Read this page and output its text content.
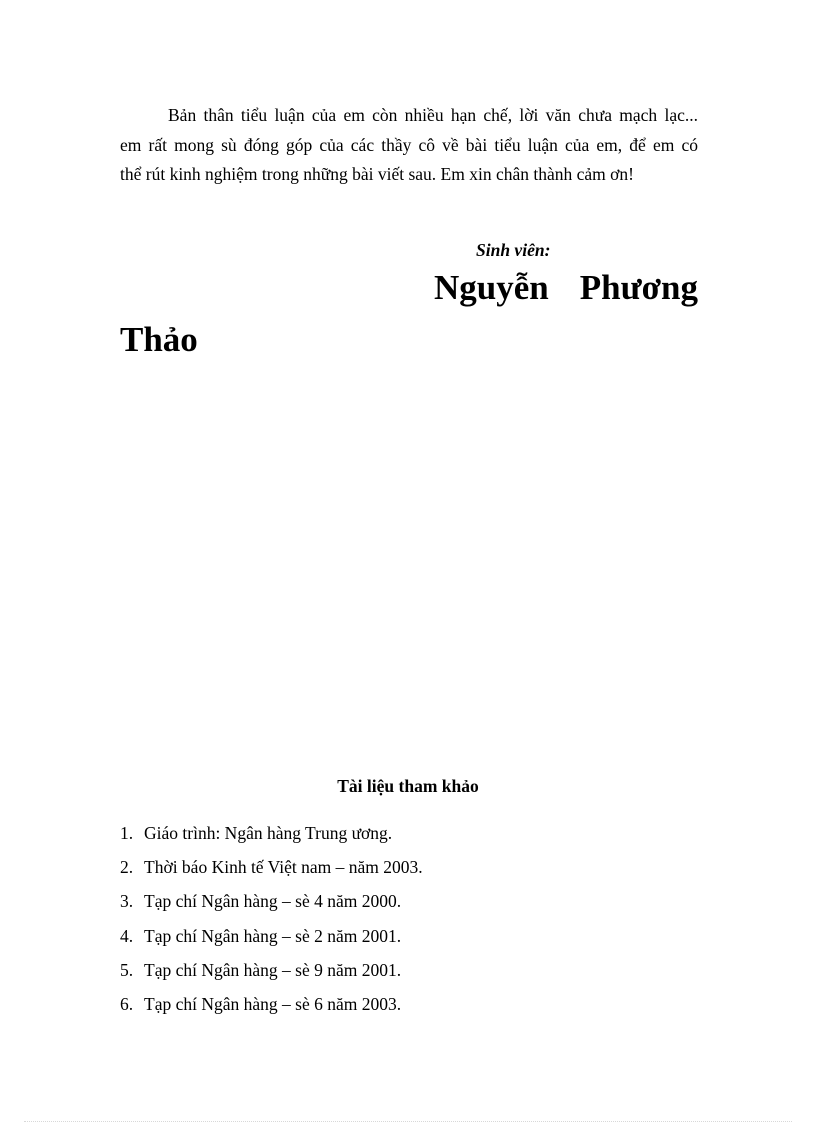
Bản thân tiểu luận của em còn nhiều hạn chế, lời văn chưa mạch lạc...
em rất mong sù đóng góp của các thầy cô về bài tiểu luận của em, để em có
thể rút kinh nghiệm trong những bài viết sau. Em xin chân thành cảm ơn!
Sinh viên:
Nguyễn Phương
Thảo
Tài liệu tham khảo
1. Giáo trình: Ngân hàng Trung ương.
2. Thời báo Kinh tế Việt nam – năm 2003.
3. Tạp chí Ngân hàng – sè 4 năm 2000.
4. Tạp chí Ngân hàng – sè 2 năm 2001.
5. Tạp chí Ngân hàng – sè 9 năm 2001.
6. Tạp chí Ngân hàng – sè 6 năm 2003.
